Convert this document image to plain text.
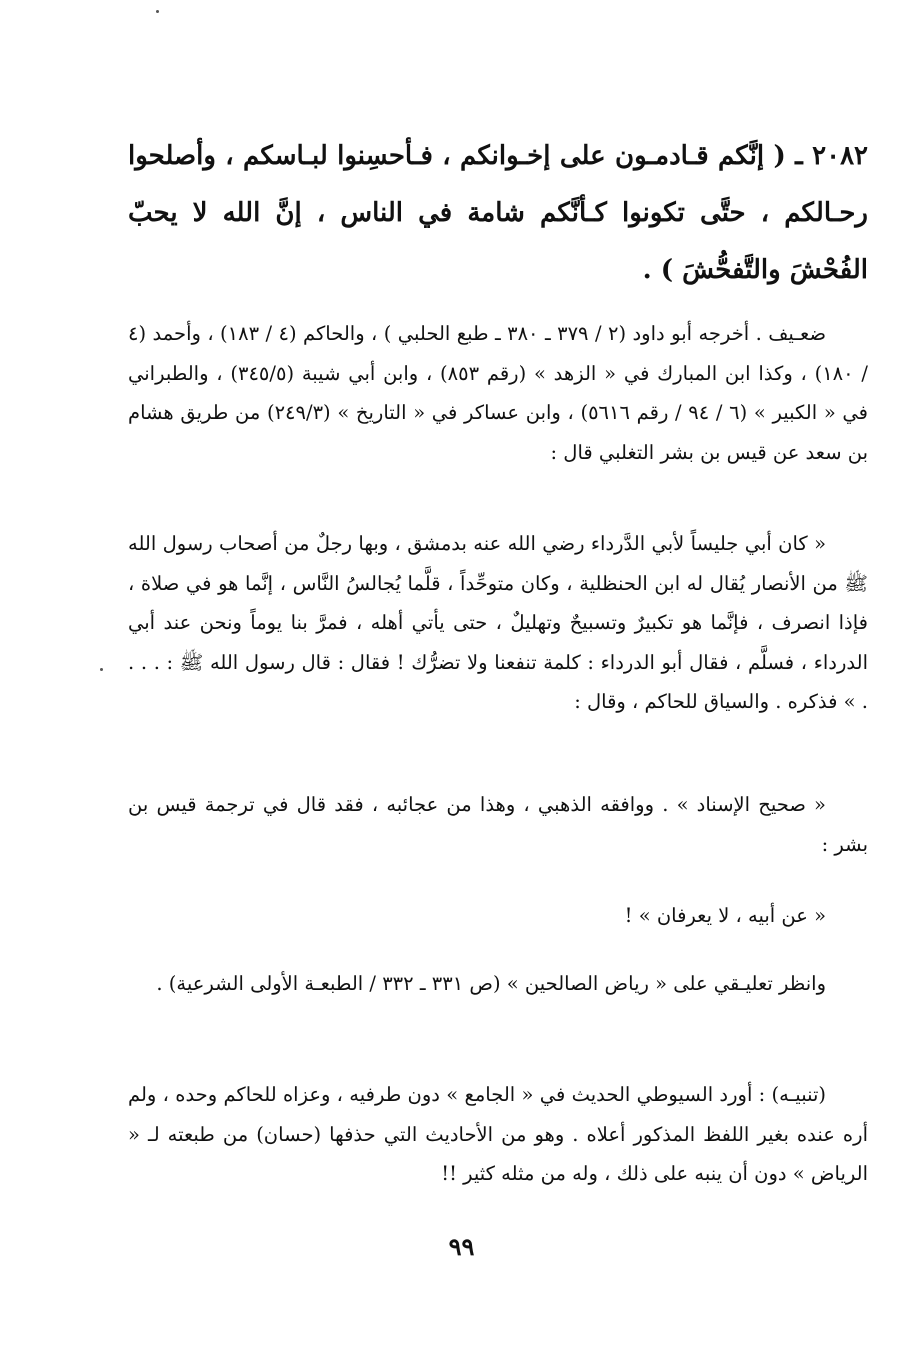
٢٠٨٢ ـ ( إنَّكم قـادمـون على إخـوانكم ، فـأحسِنوا لبـاسكم ، وأصلحوا رحـالكم ، حتَّى تكونوا كـأنَّكم شامة في الناس ، إنَّ الله لا يحبّ الفُحْشَ والتَّفحُّشَ ) .
ضعـيف . أخرجه أبو داود (٢ / ٣٧٩ ـ ٣٨٠ ـ طبع الحلبي ) ، والحاكم (٤ / ١٨٣) ، وأحمد (٤ / ١٨٠) ، وكذا ابن المبارك في « الزهد » (رقم ٨٥٣) ، وابن أبي شيبة (٣٤٥/٥) ، والطبراني في « الكبير » (٦ / ٩٤ / رقم ٥٦١٦) ، وابن عساكر في « التاريخ » (٢٤٩/٣) من طريق هشام بن سعد عن قيس بن بشر التغلبي قال :
« كان أبي جليساً لأبي الدَّرداء رضي الله عنه بدمشق ، وبها رجلٌ من أصحاب رسول الله ﷺ من الأنصار يُقال له ابن الحنظلية ، وكان متوحِّداً ، قلَّما يُجالسُ النَّاس ، إنَّما هو في صلاة ، فإذا انصرف ، فإنَّما هو تكبيرٌ وتسبيحٌ وتهليلٌ ، حتى يأتي أهله ، فمرَّ بنا يوماً ونحن عند أبي الدرداء ، فسلَّم ، فقال أبو الدرداء : كلمة تنفعنا ولا تضرُّك ! فقال : قال رسول الله ﷺ : . . . . » فذكره . والسياق للحاكم ، وقال :
« صحيح الإسناد » . ووافقه الذهبي ، وهذا من عجائبه ، فقد قال في ترجمة قيس بن بشر :
« عن أبيه ، لا يعرفان » !
وانظر تعليـقي على « رياض الصالحين » (ص ٣٣١ ـ ٣٣٢ / الطبعـة الأولى الشرعية) .
(تنبيـه) : أورد السيوطي الحديث في « الجامع » دون طرفيه ، وعزاه للحاكم وحده ، ولم أره عنده بغير اللفظ المذكور أعلاه . وهو من الأحاديث التي حذفها (حسان) من طبعته لـ « الرياض » دون أن ينبه على ذلك ، وله من مثله كثير !!
٩٩
